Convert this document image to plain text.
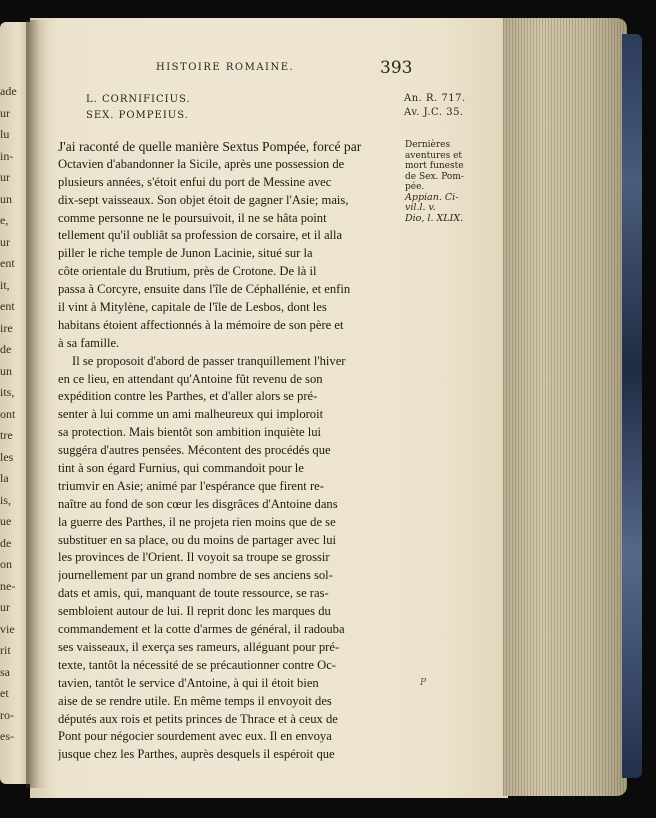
ade
ur
lu
in-
ur
un
e,
ur
ent
it,
ent
ire
de
un
its,
ont
tre
les
la
is,
ue
de
on
ne-
ur
vie
rit
sa
et
ro-
es-
HISTOIRE ROMAINE.	393
L. CORNIFICIUS.
SEX. POMPEIUS.
An. R. 717.
Av. J.C. 35.
Dernières
aventures et
mort funeste
de Sex. Pom-
pée.
Appian. Ci-
vil.l. v.
Dio, l. XLIX.
J'ai raconté de quelle manière Sextus Pompée, forcé par
Octavien d'abandonner la Sicile, après une possession de
plusieurs années, s'étoit enfui du port de Messine avec
dix-sept vaisseaux. Son objet étoit de gagner l'Asie; mais,
comme personne ne le poursuivoit, il ne se hâta point
tellement qu'il oubliât sa profession de corsaire, et il alla
piller le riche temple de Junon Lacinie, situé sur la
côte orientale du Brutium, près de Crotone. De là il
passa à Corcyre, ensuite dans l'île de Céphallénie, et enfin
il vint à Mitylène, capitale de l'île de Lesbos, dont les
habitans étoient affectionnés à la mémoire de son père et
à sa famille.
Il se proposoit d'abord de passer tranquillement l'hiver
en ce lieu, en attendant qu'Antoine fût revenu de son
expédition contre les Parthes, et d'aller alors se pré-
senter à lui comme un ami malheureux qui imploroit
sa protection. Mais bientôt son ambition inquiète lui
suggéra d'autres pensées. Mécontent des procédés que
tint à son égard Furnius, qui commandoit pour le
triumvir en Asie; animé par l'espérance que firent re-
naître au fond de son cœur les disgrâces d'Antoine dans
la guerre des Parthes, il ne projeta rien moins que de se
substituer en sa place, ou du moins de partager avec lui
les provinces de l'Orient. Il voyoit sa troupe se grossir
journellement par un grand nombre de ses anciens sol-
dats et amis, qui, manquant de toute ressource, se ras-
sembloient autour de lui. Il reprit donc les marques du
commandement et la cotte d'armes de général, il radouba
ses vaisseaux, il exerça ses rameurs, alléguant pour pré-
texte, tantôt la nécessité de se précautionner contre Oc-
tavien, tantôt le service d'Antoine, à qui il étoit bien
aise de se rendre utile. En même temps il envoyoit des
députés aux rois et petits princes de Thrace et à ceux de
Pont pour négocier sourdement avec eux. Il en envoya
jusque chez les Parthes, auprès desquels il espéroit que
P
